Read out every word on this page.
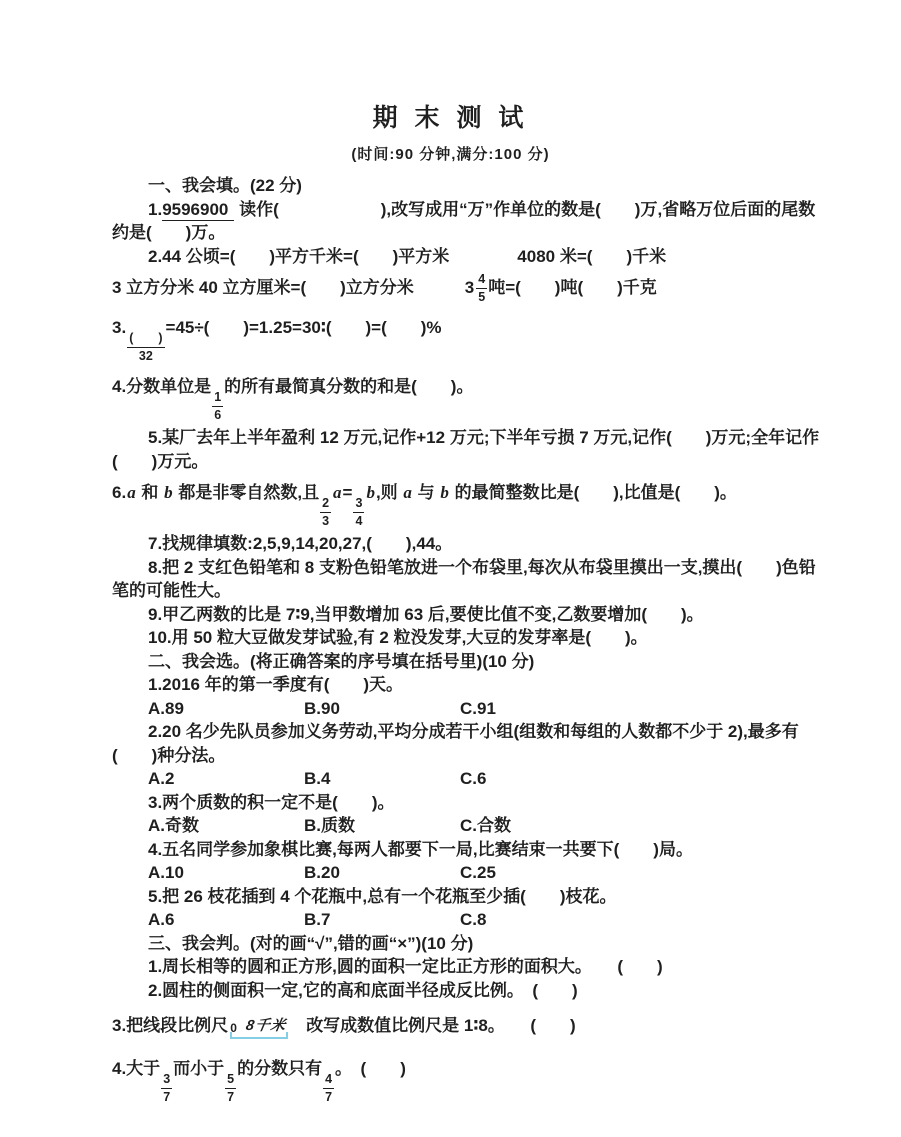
期 末 测 试
(时间:90 分钟,满分:100 分)
一、我会填。(22 分)
1.9596900 读作(　　　　　　),改写成用“万”作单位的数是(　　)万,省略万位后面的尾数
约是(　　)万。
2.44 公顷=(　　)平方千米=(　　)平方米　　　　4080 米=(　　)千米
3 立方分米 40 立方厘米=(　　)立方分米　　　 $3 \frac{4}{5}$ 吨=(　　)吨(　　)千克
3.
$\frac{( )}{32}$
=45÷(　　)=1.25=30∶(　　)=(　　)%
4.分数单位是
$\frac{1}{6}$
的所有最简真分数的和是(　　)。
5.某厂去年上半年盈利 12 万元,记作+12 万元;下半年亏损 7 万元,记作(　　)万元;全年记作
(　　)万元。
6.a 和 b 都是非零自然数,且
$\frac{2}{3}$
a=
$\frac{3}{4}$
b,则 a 与 b 的最简整数比是(　　),比值是(　　)。
7.找规律填数:2,5,9,14,20,27,(　　),44。
8.把 2 支红色铅笔和 8 支粉色铅笔放进一个布袋里,每次从布袋里摸出一支,摸出(　　)色铅
笔的可能性大。
9.甲乙两数的比是 7∶9,当甲数增加 63 后,要使比值不变,乙数要增加(　　)。
10.用 50 粒大豆做发芽试验,有 2 粒没发芽,大豆的发芽率是(　　)。
二、我会选。(将正确答案的序号填在括号里)(10 分)
1.2016 年的第一季度有(　　)天。
A.89	B.90	C.91
2.20 名少先队员参加义务劳动,平均分成若干小组(组数和每组的人数都不少于 2),最多有
(　　)种分法。
A.2	B.4	C.6
3.两个质数的积一定不是(　　)。
A.奇数	B.质数	C.合数
4.五名同学参加象棋比赛,每两人都要下一局,比赛结束一共要下(　　)局。
A.10	B.20	C.25
5.把 26 枝花插到 4 个花瓶中,总有一个花瓶至少插(　　)枝花。
A.6	B.7	C.8
三、我会判。(对的画“√”,错的画“×”)(10 分)
1.周长相等的圆和正方形,圆的面积一定比正方形的面积大。　　(　　)
2.圆柱的侧面积一定,它的高和底面半径成反比例。　(　　)
3.把线段比例尺 0 8千米 改写成数值比例尺是 1∶8。　　(　　)
4.大于
$\frac{3}{7}$
而小于
$\frac{5}{7}$
的分数只有
$\frac{4}{7}$
。　(　　)
